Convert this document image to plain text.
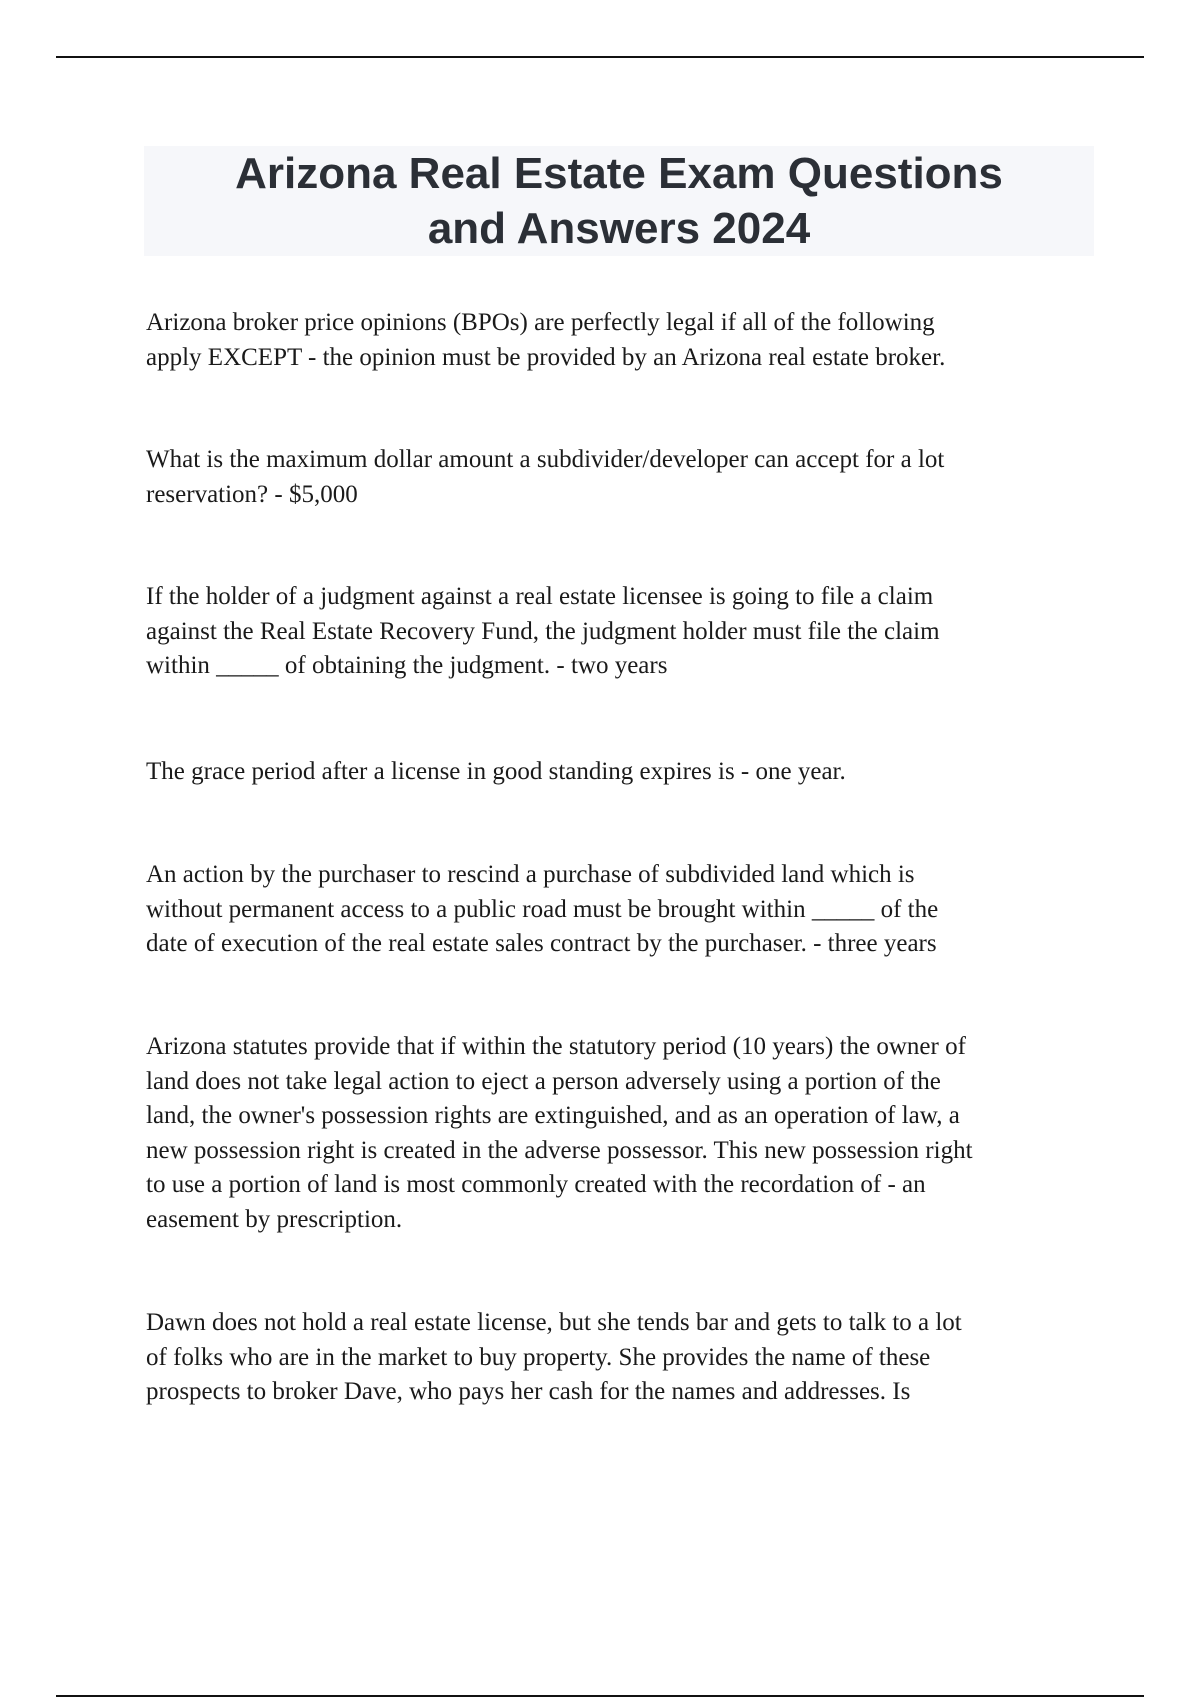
Arizona Real Estate Exam Questions
and Answers 2024

Arizona broker price opinions (BPOs) are perfectly legal if all of the following

apply EXCEPT - the opinion must be provided by an Arizona real estate broker.

What is the maximum dollar amount a subdivider/developer can accept for a lot

reservation? - $5,000

If the holder of a judgment against a real estate licensee is going to file a claim

against the Real Estate Recovery Fund, the judgment holder must file the claim

within _____ of obtaining the judgment. - two years

The grace period after a license in good standing expires is - one year.

An action by the purchaser to rescind a purchase of subdivided land which is

without permanent access to a public road must be brought within _____ of the

date of execution of the real estate sales contract by the purchaser. - three years

Arizona statutes provide that if within the statutory period (10 years) the owner of

land does not take legal action to eject a person adversely using a portion of the

land, the owner's possession rights are extinguished, and as an operation of law, a

new possession right is created in the adverse possessor. This new possession right

to use a portion of land is most commonly created with the recordation of - an

easement by prescription.

Dawn does not hold a real estate license, but she tends bar and gets to talk to a lot

of folks who are in the market to buy property. She provides the name of these

prospects to broker Dave, who pays her cash for the names and addresses. Is
